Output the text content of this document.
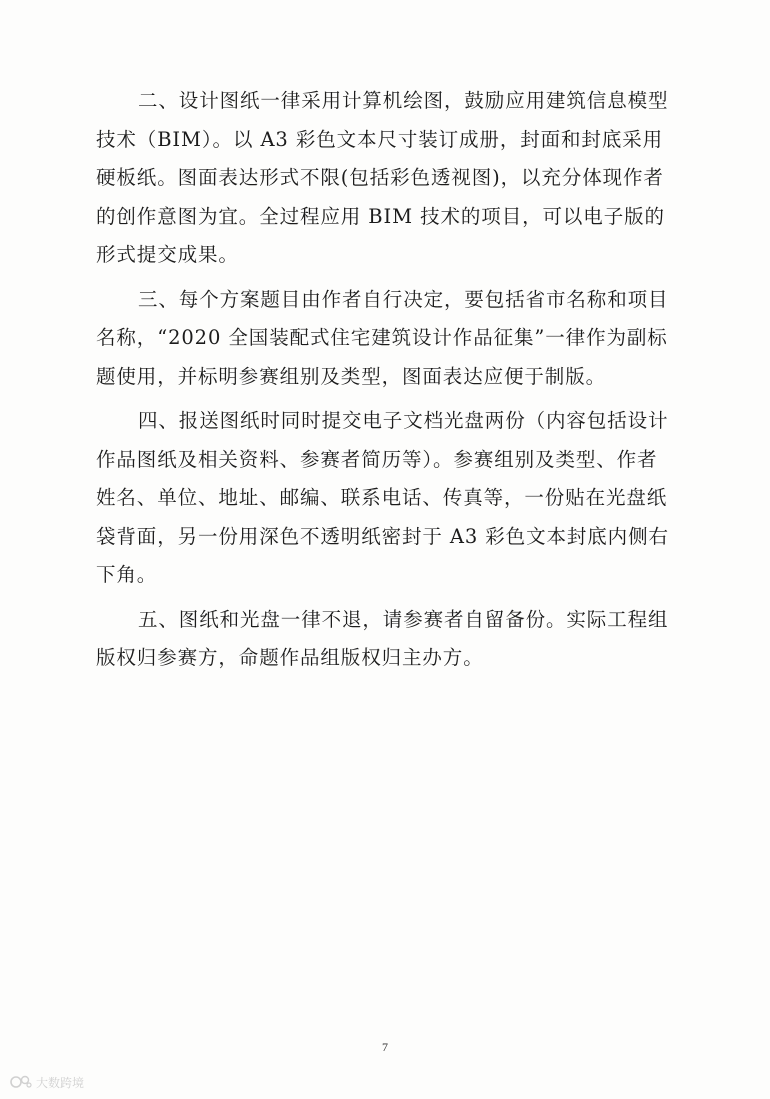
二、设计图纸一律采用计算机绘图，鼓励应用建筑信息模型
技术（BIM）。以 A3 彩色文本尺寸装订成册，封面和封底采用
硬板纸。图面表达形式不限(包括彩色透视图)，以充分体现作者
的创作意图为宜。全过程应用 BIM 技术的项目，可以电子版的
形式提交成果。

三、每个方案题目由作者自行决定，要包括省市名称和项目
名称，“2020 全国装配式住宅建筑设计作品征集”一律作为副标
题使用，并标明参赛组别及类型，图面表达应便于制版。

四、报送图纸时同时提交电子文档光盘两份（内容包括设计
作品图纸及相关资料、参赛者简历等）。参赛组别及类型、作者
姓名、单位、地址、邮编、联系电话、传真等，一份贴在光盘纸
袋背面，另一份用深色不透明纸密封于 A3 彩色文本封底内侧右
下角。

五、图纸和光盘一律不退，请参赛者自留备份。实际工程组
版权归参赛方，命题作品组版权归主办方。

7
大数跨境
